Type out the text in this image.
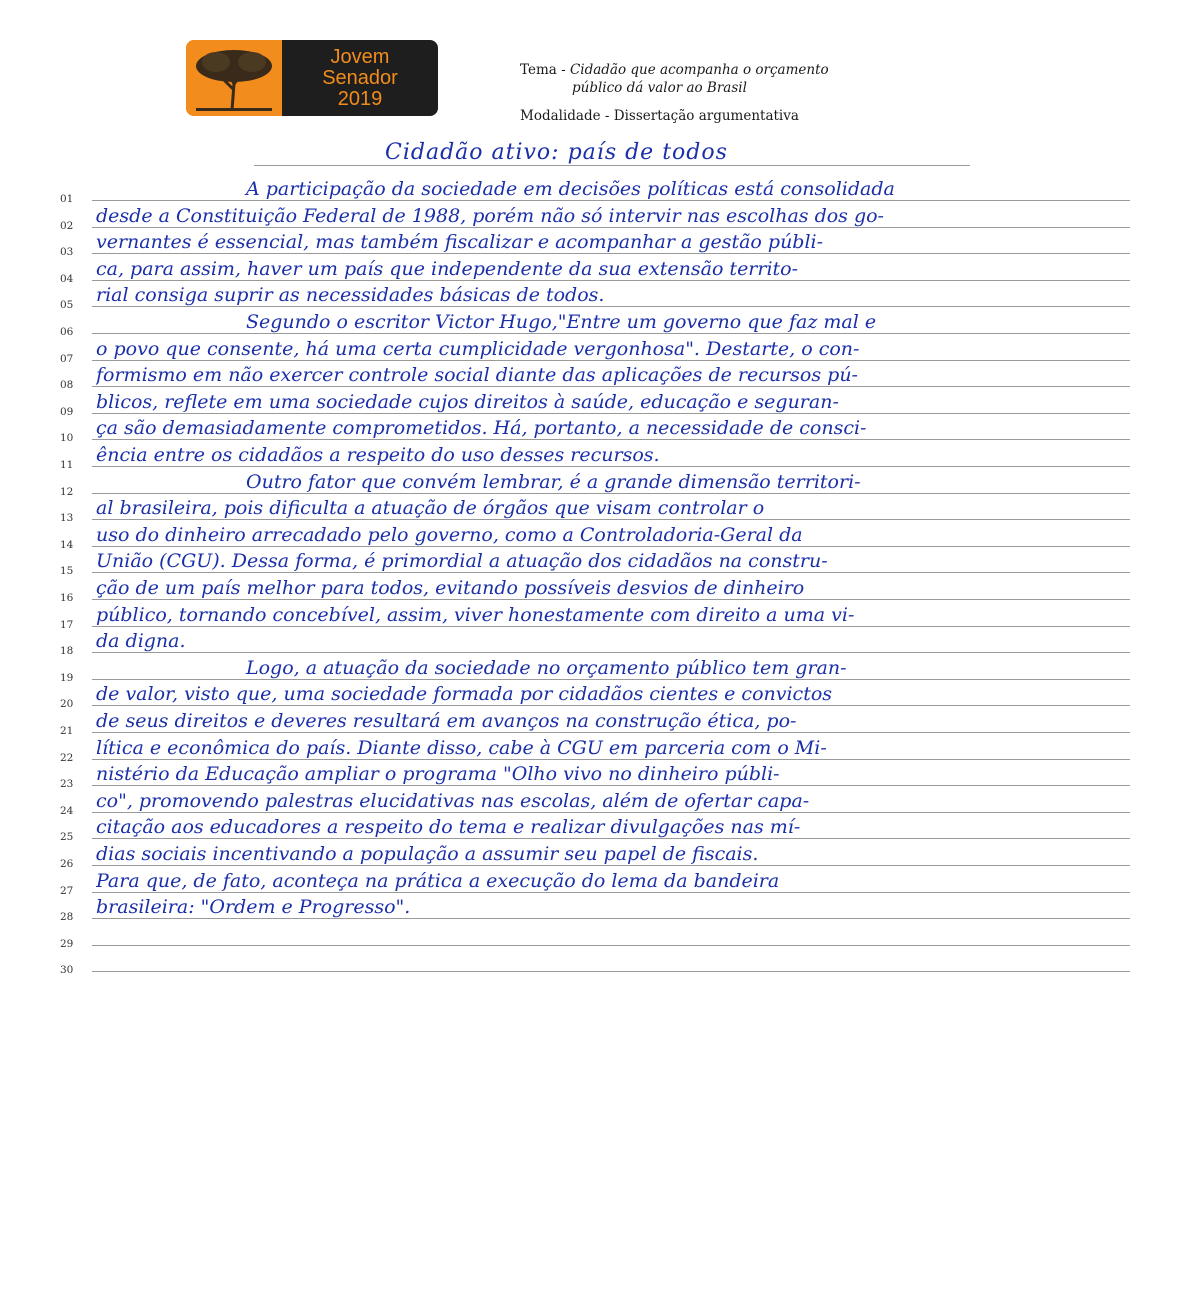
Jovem
Senador
2019
Tema - Cidadão que acompanha o orçamento
público dá valor ao Brasil
Modalidade - Dissertação argumentativa
Cidadão ativo: país de todos
01	A participação da sociedade em decisões políticas está consolidada
02	desde a Constituição Federal de 1988, porém não só intervir nas escolhas dos go-
03	vernantes é essencial, mas também fiscalizar e acompanhar a gestão públi-
04	ca, para assim, haver um país que independente da sua extensão territo-
05	rial consiga suprir as necessidades básicas de todos.
06	Segundo o escritor Victor Hugo,"Entre um governo que faz mal e
07	o povo que consente, há uma certa cumplicidade vergonhosa". Destarte, o con-
08	formismo em não exercer controle social diante das aplicações de recursos pú-
09	blicos, reflete em uma sociedade cujos direitos à saúde, educação e seguran-
10	ça são demasiadamente comprometidos. Há, portanto, a necessidade de consci-
11	ência entre os cidadãos a respeito do uso desses recursos.
12	Outro fator que convém lembrar, é a grande dimensão territori-
13	al brasileira, pois dificulta a atuação de órgãos que visam controlar o
14	uso do dinheiro arrecadado pelo governo, como a Controladoria-Geral da
15	União (CGU). Dessa forma, é primordial a atuação dos cidadãos na constru-
16	ção de um país melhor para todos, evitando possíveis desvios de dinheiro
17	público, tornando concebível, assim, viver honestamente com direito a uma vi-
18	da digna.
19	Logo, a atuação da sociedade no orçamento público tem gran-
20	de valor, visto que, uma sociedade formada por cidadãos cientes e convictos
21	de seus direitos e deveres resultará em avanços na construção ética, po-
22	lítica e econômica do país. Diante disso, cabe à CGU em parceria com o Mi-
23	nistério da Educação ampliar o programa "Olho vivo no dinheiro públi-
24	co", promovendo palestras elucidativas nas escolas, além de ofertar capa-
25	citação aos educadores a respeito do tema e realizar divulgações nas mí-
26	dias sociais incentivando a população a assumir seu papel de fiscais.
27	Para que, de fato, aconteça na prática a execução do lema da bandeira
28	brasileira: "Ordem e Progresso".
29
30
